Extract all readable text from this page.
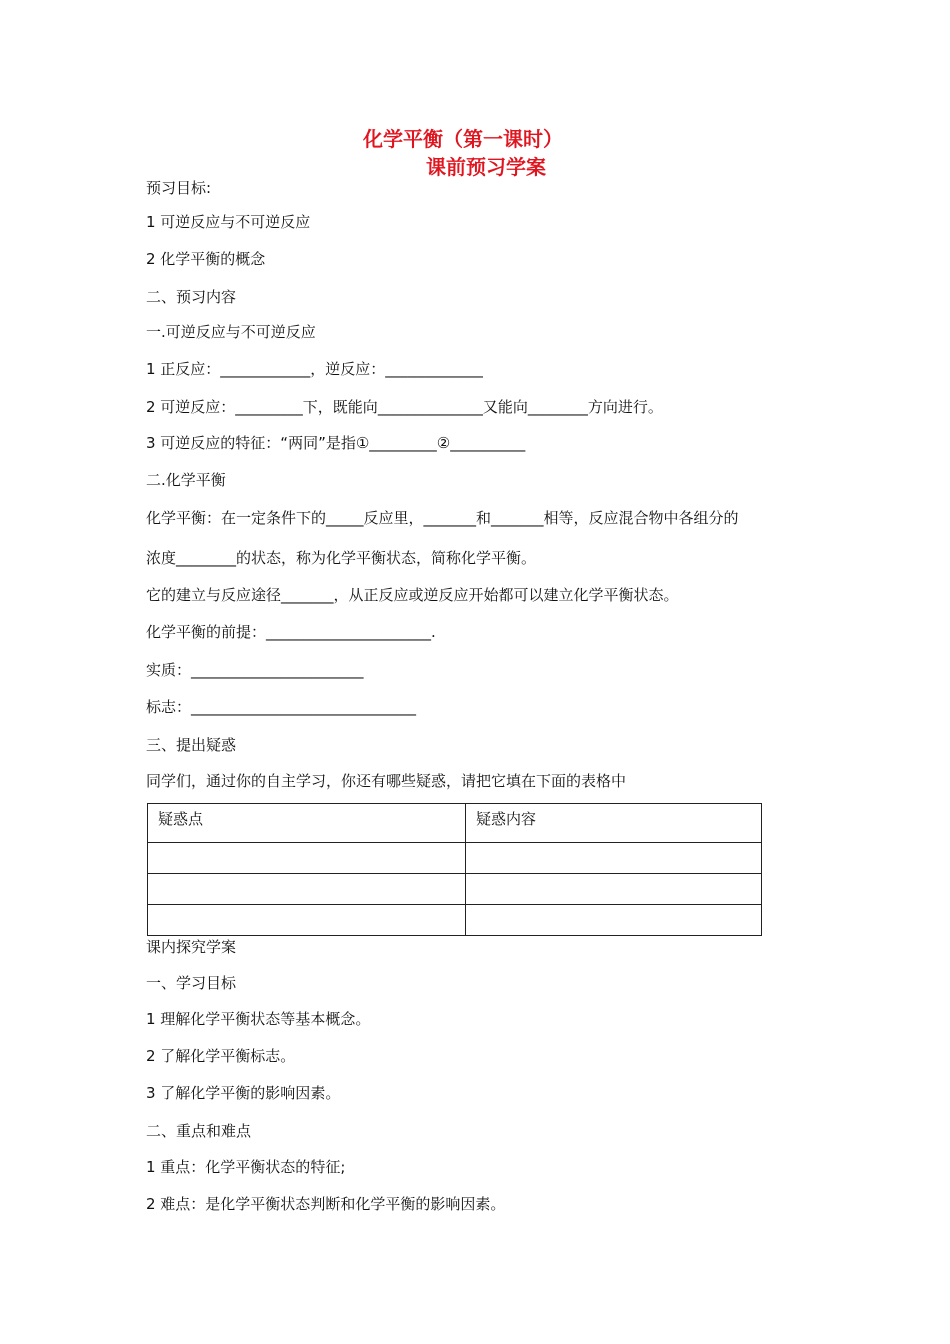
化学平衡（第一课时）
课前预习学案
预习目标:
1 可逆反应与不可逆反应
2 化学平衡的概念
二、预习内容
一.可逆反应与不可逆反应
1 正反应：____________，逆反应：_____________
2 可逆反应：_________下，既能向______________又能向________方向进行。
3 可逆反应的特征：“两同”是指①_________②__________
二.化学平衡
化学平衡：在一定条件下的_____反应里，_______和_______相等，反应混合物中各组分的
浓度________的状态，称为化学平衡状态，简称化学平衡。
它的建立与反应途径_______，从正反应或逆反应开始都可以建立化学平衡状态。
化学平衡的前提：______________________.
实质：_______________________
标志：______________________________
三、提出疑惑
同学们，通过你的自主学习，你还有哪些疑惑，请把它填在下面的表格中
疑惑点	疑惑内容

课内探究学案
一、学习目标
1 理解化学平衡状态等基本概念。
2 了解化学平衡标志。
3 了解化学平衡的影响因素。
二、重点和难点
1 重点：化学平衡状态的特征;
2 难点：是化学平衡状态判断和化学平衡的影响因素。
